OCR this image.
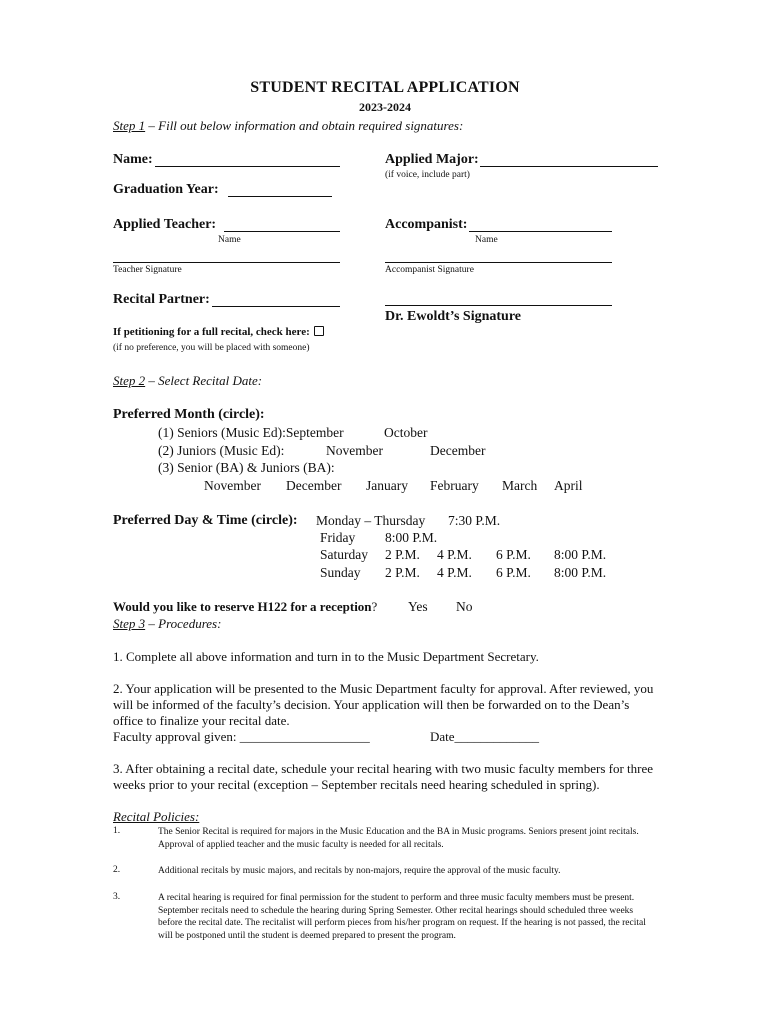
STUDENT RECITAL APPLICATION
2023-2024
Step 1 – Fill out below information and obtain required signatures:
Name:	Applied Major:
(if voice, include part)
Graduation Year:
Applied Teacher:
Name
Accompanist:
Name
Teacher Signature	Accompanist Signature
Recital Partner:
Dr. Ewoldt’s Signature
If petitioning for a full recital, check here:
(if no preference, you will be placed with someone)
Step 2 – Select Recital Date:
Preferred Month (circle):
(1) Seniors (Music Ed):September	October
(2) Juniors (Music Ed):	November	December
(3) Senior (BA) & Juniors (BA):
November December January February March April
Preferred Day & Time (circle): Monday – Thursday 7:30 P.M.
Friday 8:00 P.M.
Saturday 2 P.M. 4 P.M. 6 P.M. 8:00 P.M.
Sunday 2 P.M. 4 P.M. 6 P.M. 8:00 P.M.
Would you like to reserve H122 for a reception? Yes No
Step 3 – Procedures:
1. Complete all above information and turn in to the Music Department Secretary.
2. Your application will be presented to the Music Department faculty for approval. After reviewed, you will be informed of the faculty’s decision. Your application will then be forwarded on to the Dean’s office to finalize your recital date.
Faculty approval given: ____________________	Date_____________
3. After obtaining a recital date, schedule your recital hearing with two music faculty members for three weeks prior to your recital (exception – September recitals need hearing scheduled in spring).
Recital Policies:
1.	The Senior Recital is required for majors in the Music Education and the BA in Music programs. Seniors present joint recitals. Approval of applied teacher and the music faculty is needed for all recitals.
2.	Additional recitals by music majors, and recitals by non-majors, require the approval of the music faculty.
3.	A recital hearing is required for final permission for the student to perform and three music faculty members must be present. September recitals need to schedule the hearing during Spring Semester. Other recital hearings should scheduled three weeks before the recital date. The recitalist will perform pieces from his/her program on request. If the hearing is not passed, the recital will be postponed until the student is deemed prepared to present the program.
